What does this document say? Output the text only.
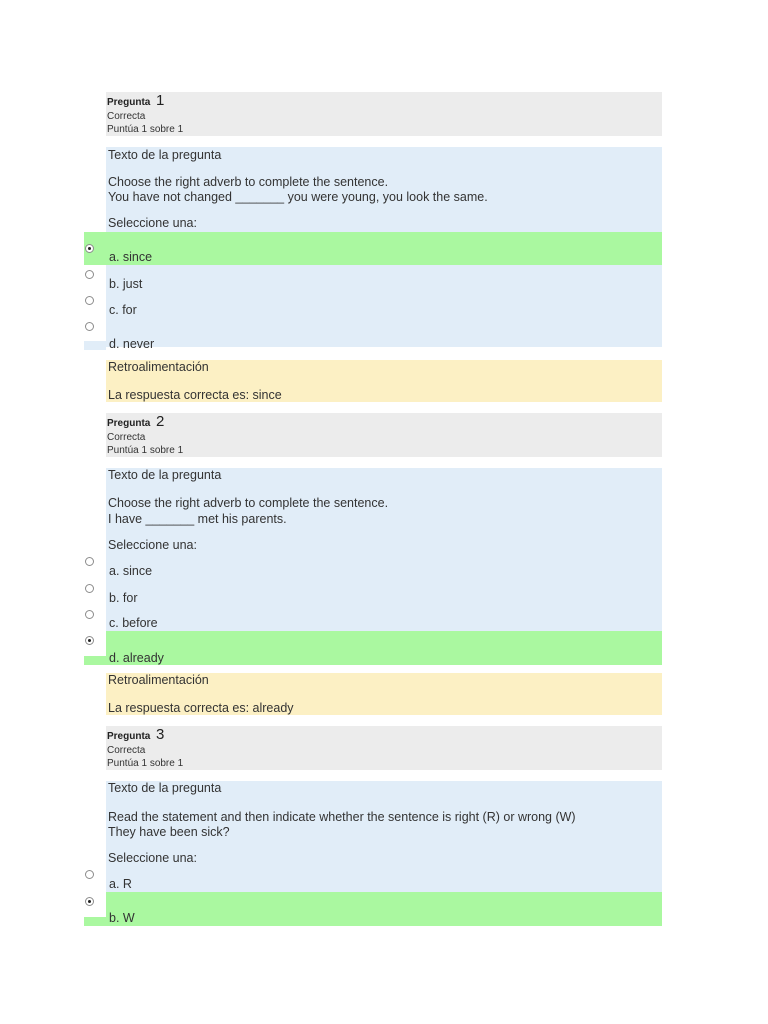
Pregunta 1
Correcta
Puntúa 1 sobre 1
Texto de la pregunta
Choose the right adverb to complete the sentence.
You have not changed _______ you were young, you look the same.
Seleccione una:
a. since
b. just
c. for
d. never
Retroalimentación
La respuesta correcta es: since
Pregunta 2
Correcta
Puntúa 1 sobre 1
Texto de la pregunta
Choose the right adverb to complete the sentence.
I have _______ met his parents.
Seleccione una:
a. since
b. for
c. before
d. already
Retroalimentación
La respuesta correcta es: already
Pregunta 3
Correcta
Puntúa 1 sobre 1
Texto de la pregunta
Read the statement and then indicate whether the sentence is right (R) or wrong (W)
They have been sick?
Seleccione una:
a. R
b. W
